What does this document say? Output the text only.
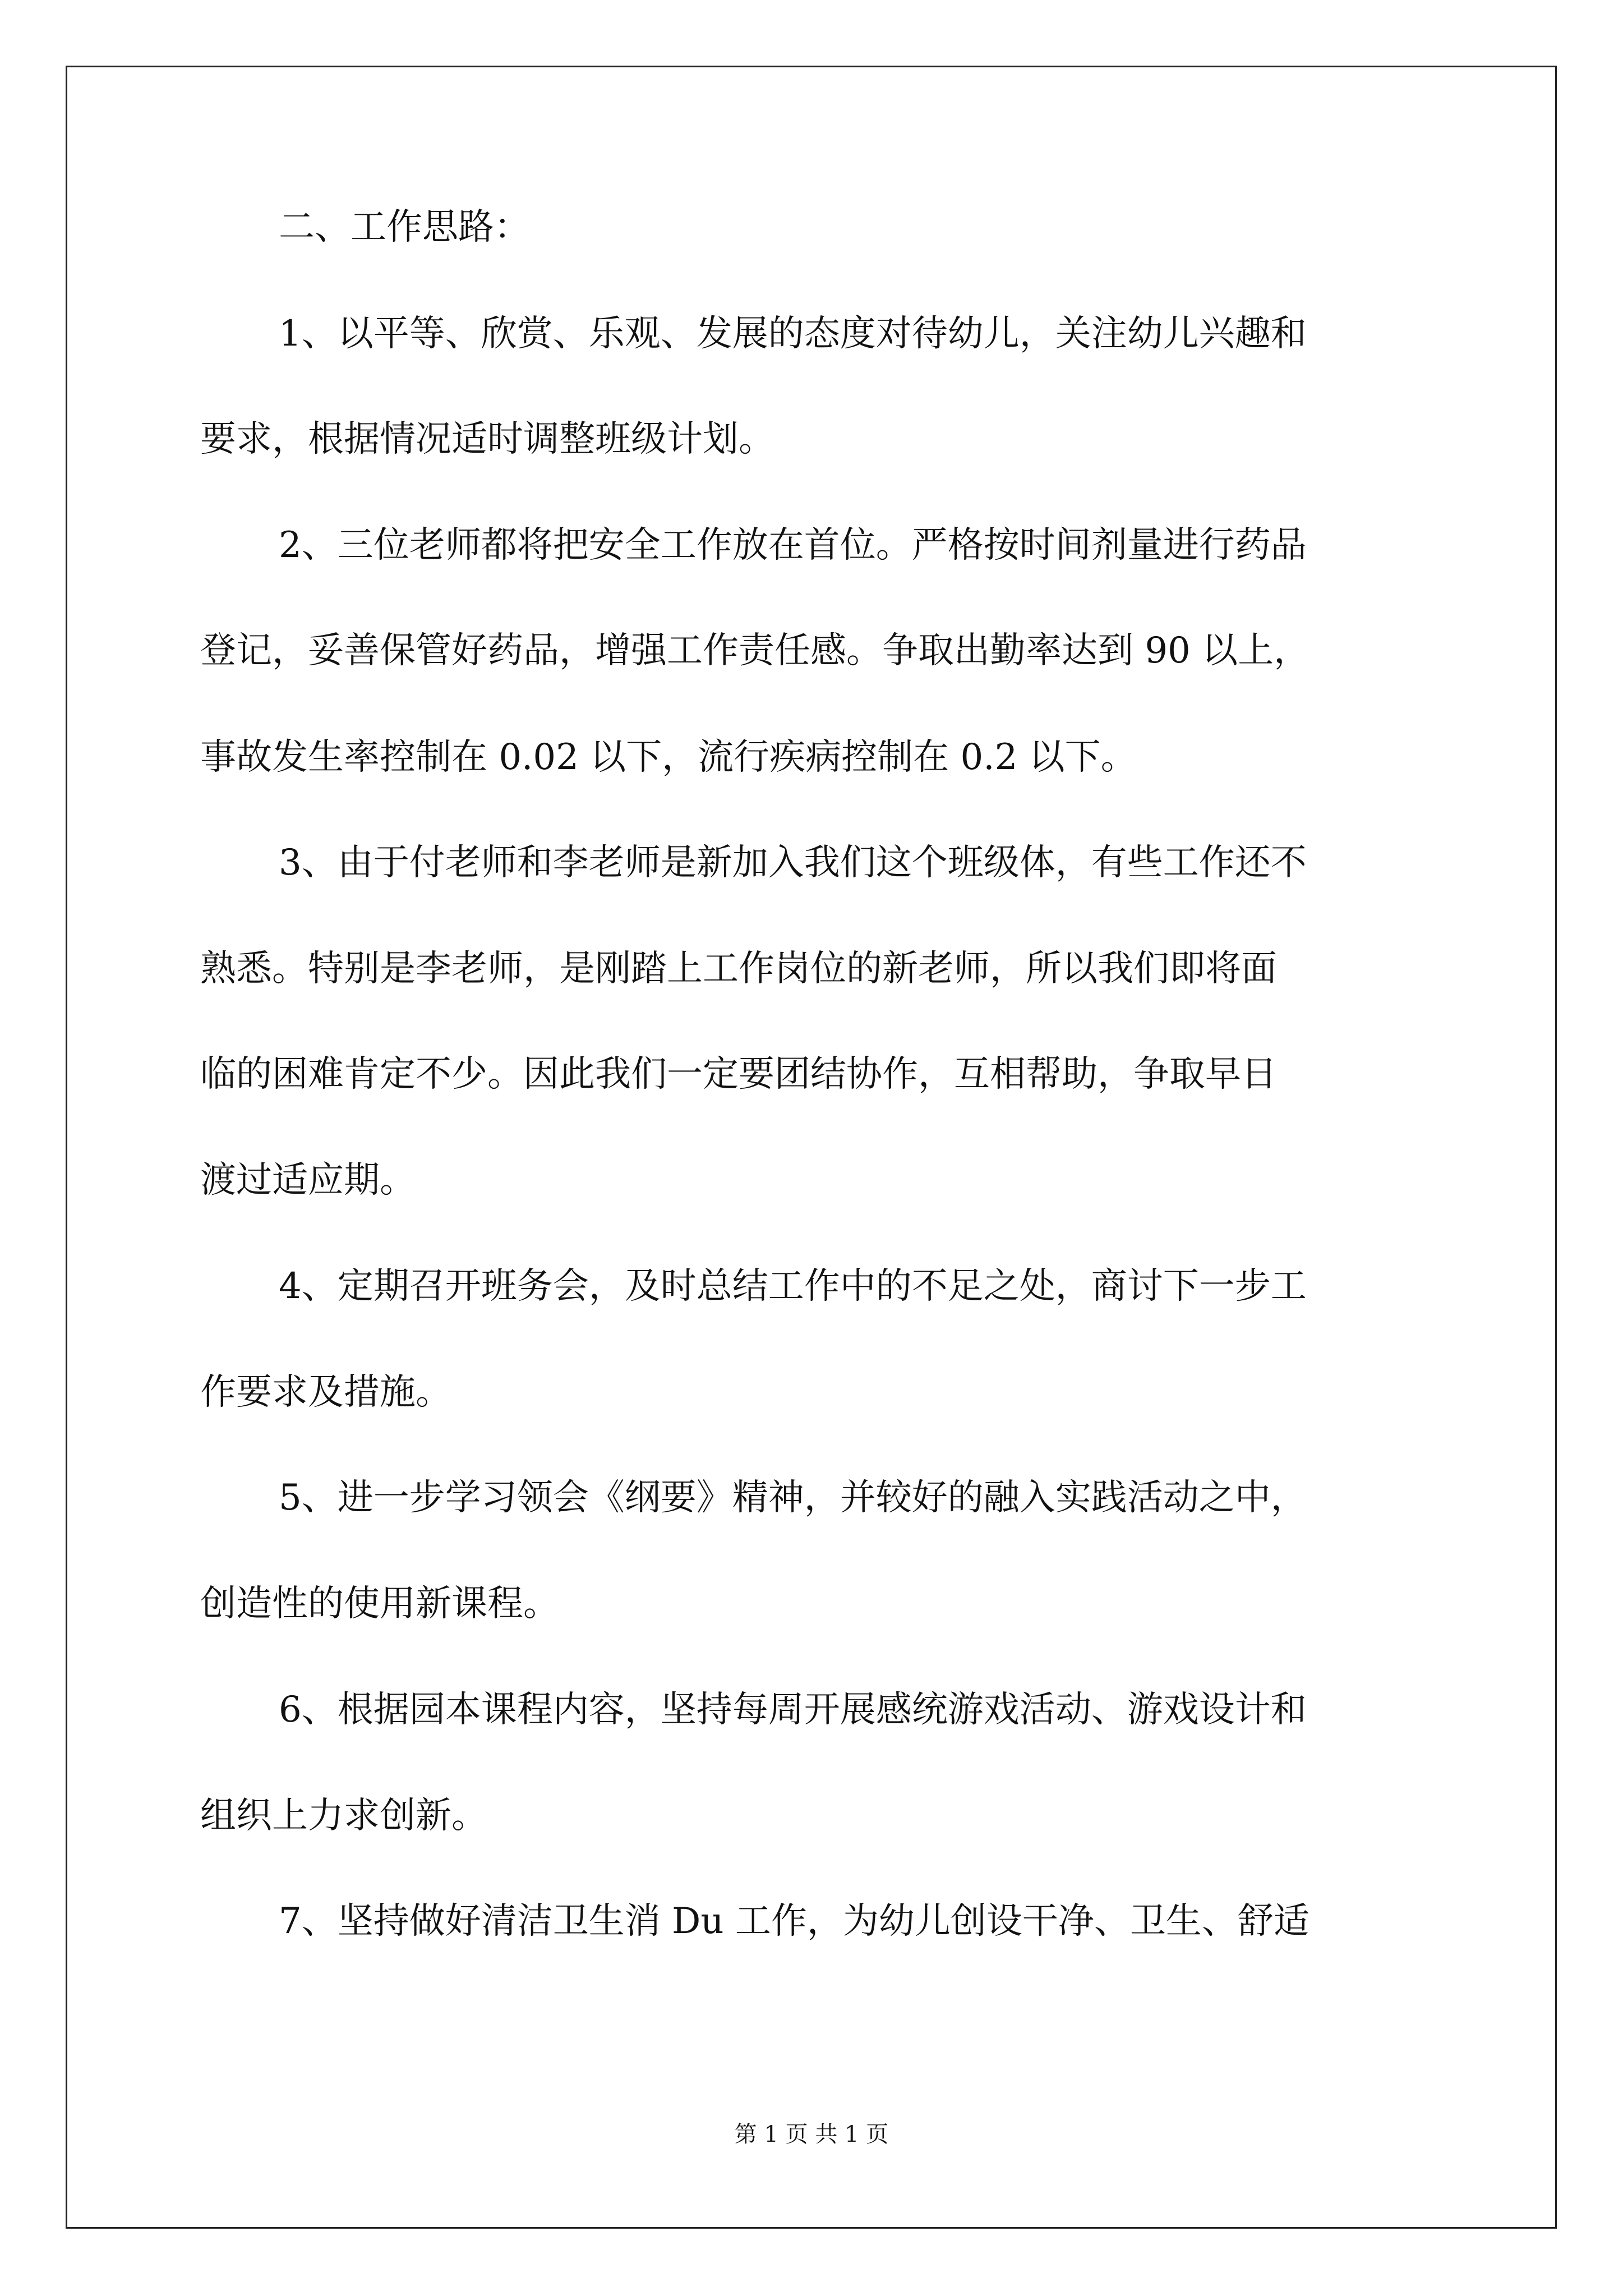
二、工作思路：
1、以平等、欣赏、乐观、发展的态度对待幼儿，关注幼儿兴趣和
要求，根据情况适时调整班级计划。
2、三位老师都将把安全工作放在首位。严格按时间剂量进行药品
登记，妥善保管好药品，增强工作责任感。争取出勤率达到 90 以上，
事故发生率控制在 0.02 以下，流行疾病控制在 0.2 以下。
3、由于付老师和李老师是新加入我们这个班级体，有些工作还不
熟悉。特别是李老师，是刚踏上工作岗位的新老师，所以我们即将面
临的困难肯定不少。因此我们一定要团结协作，互相帮助，争取早日
渡过适应期。
4、定期召开班务会，及时总结工作中的不足之处，商讨下一步工
作要求及措施。
5、进一步学习领会《纲要》精神，并较好的融入实践活动之中，
创造性的使用新课程。
6、根据园本课程内容，坚持每周开展感统游戏活动、游戏设计和
组织上力求创新。
7、坚持做好清洁卫生消 Du 工作，为幼儿创设干净、卫生、舒适
第 1 页 共 1 页
